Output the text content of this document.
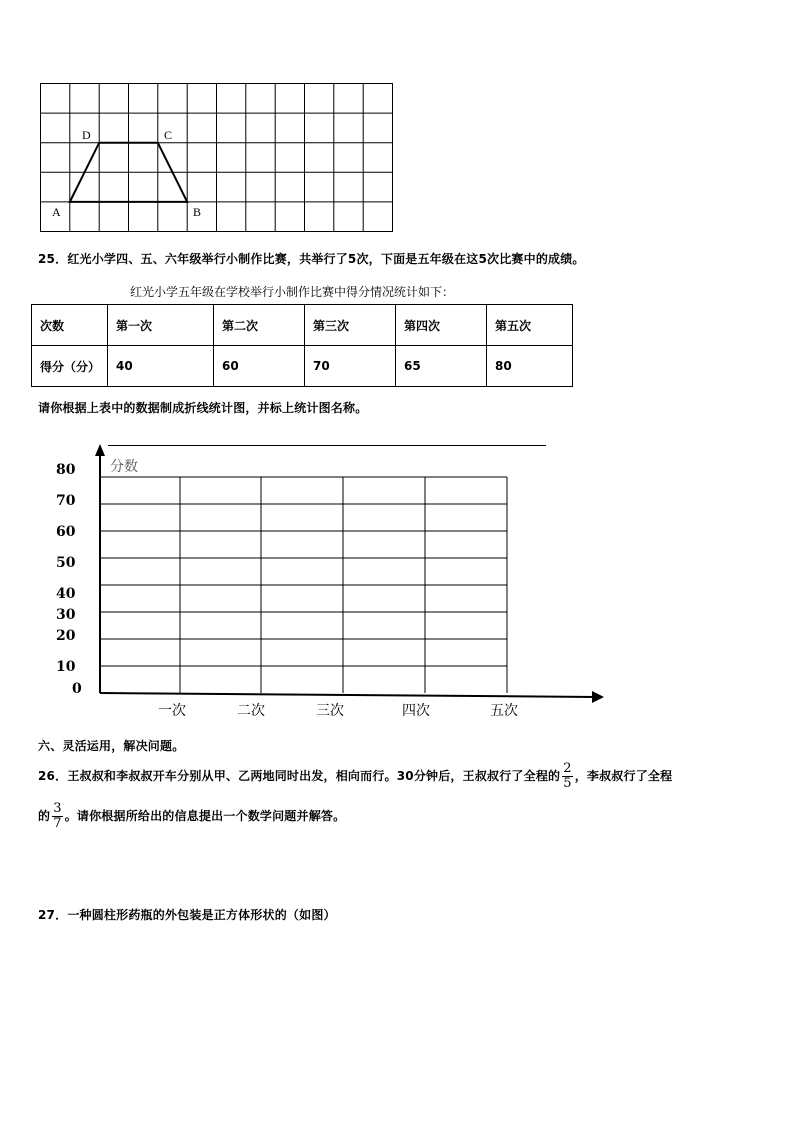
D	C
A	B
25．红光小学四、五、六年级举行小制作比赛，共举行了5次，下面是五年级在这5次比赛中的成绩。
红光小学五年级在学校举行小制作比赛中得分情况统计如下：
次数	第一次	第二次	第三次	第四次	第五次
得分（分）	40	60	70	65	80
请你根据上表中的数据制成折线统计图，并标上统计图名称。
分数
80
70
60
50
40
30
20
10
0
一次	二次	三次	四次	五次
六、灵活运用，解决问题。
26．王叔叔和李叔叔开车分别从甲、乙两地同时出发，相向而行。30分钟后，王叔叔行了全程的 $\frac{2}{5}$ ，李叔叔行了全程
的 $\frac{3}{7}$ 。请你根据所给出的信息提出一个数学问题并解答。
27．一种圆柱形药瓶的外包装是正方体形状的（如图）
